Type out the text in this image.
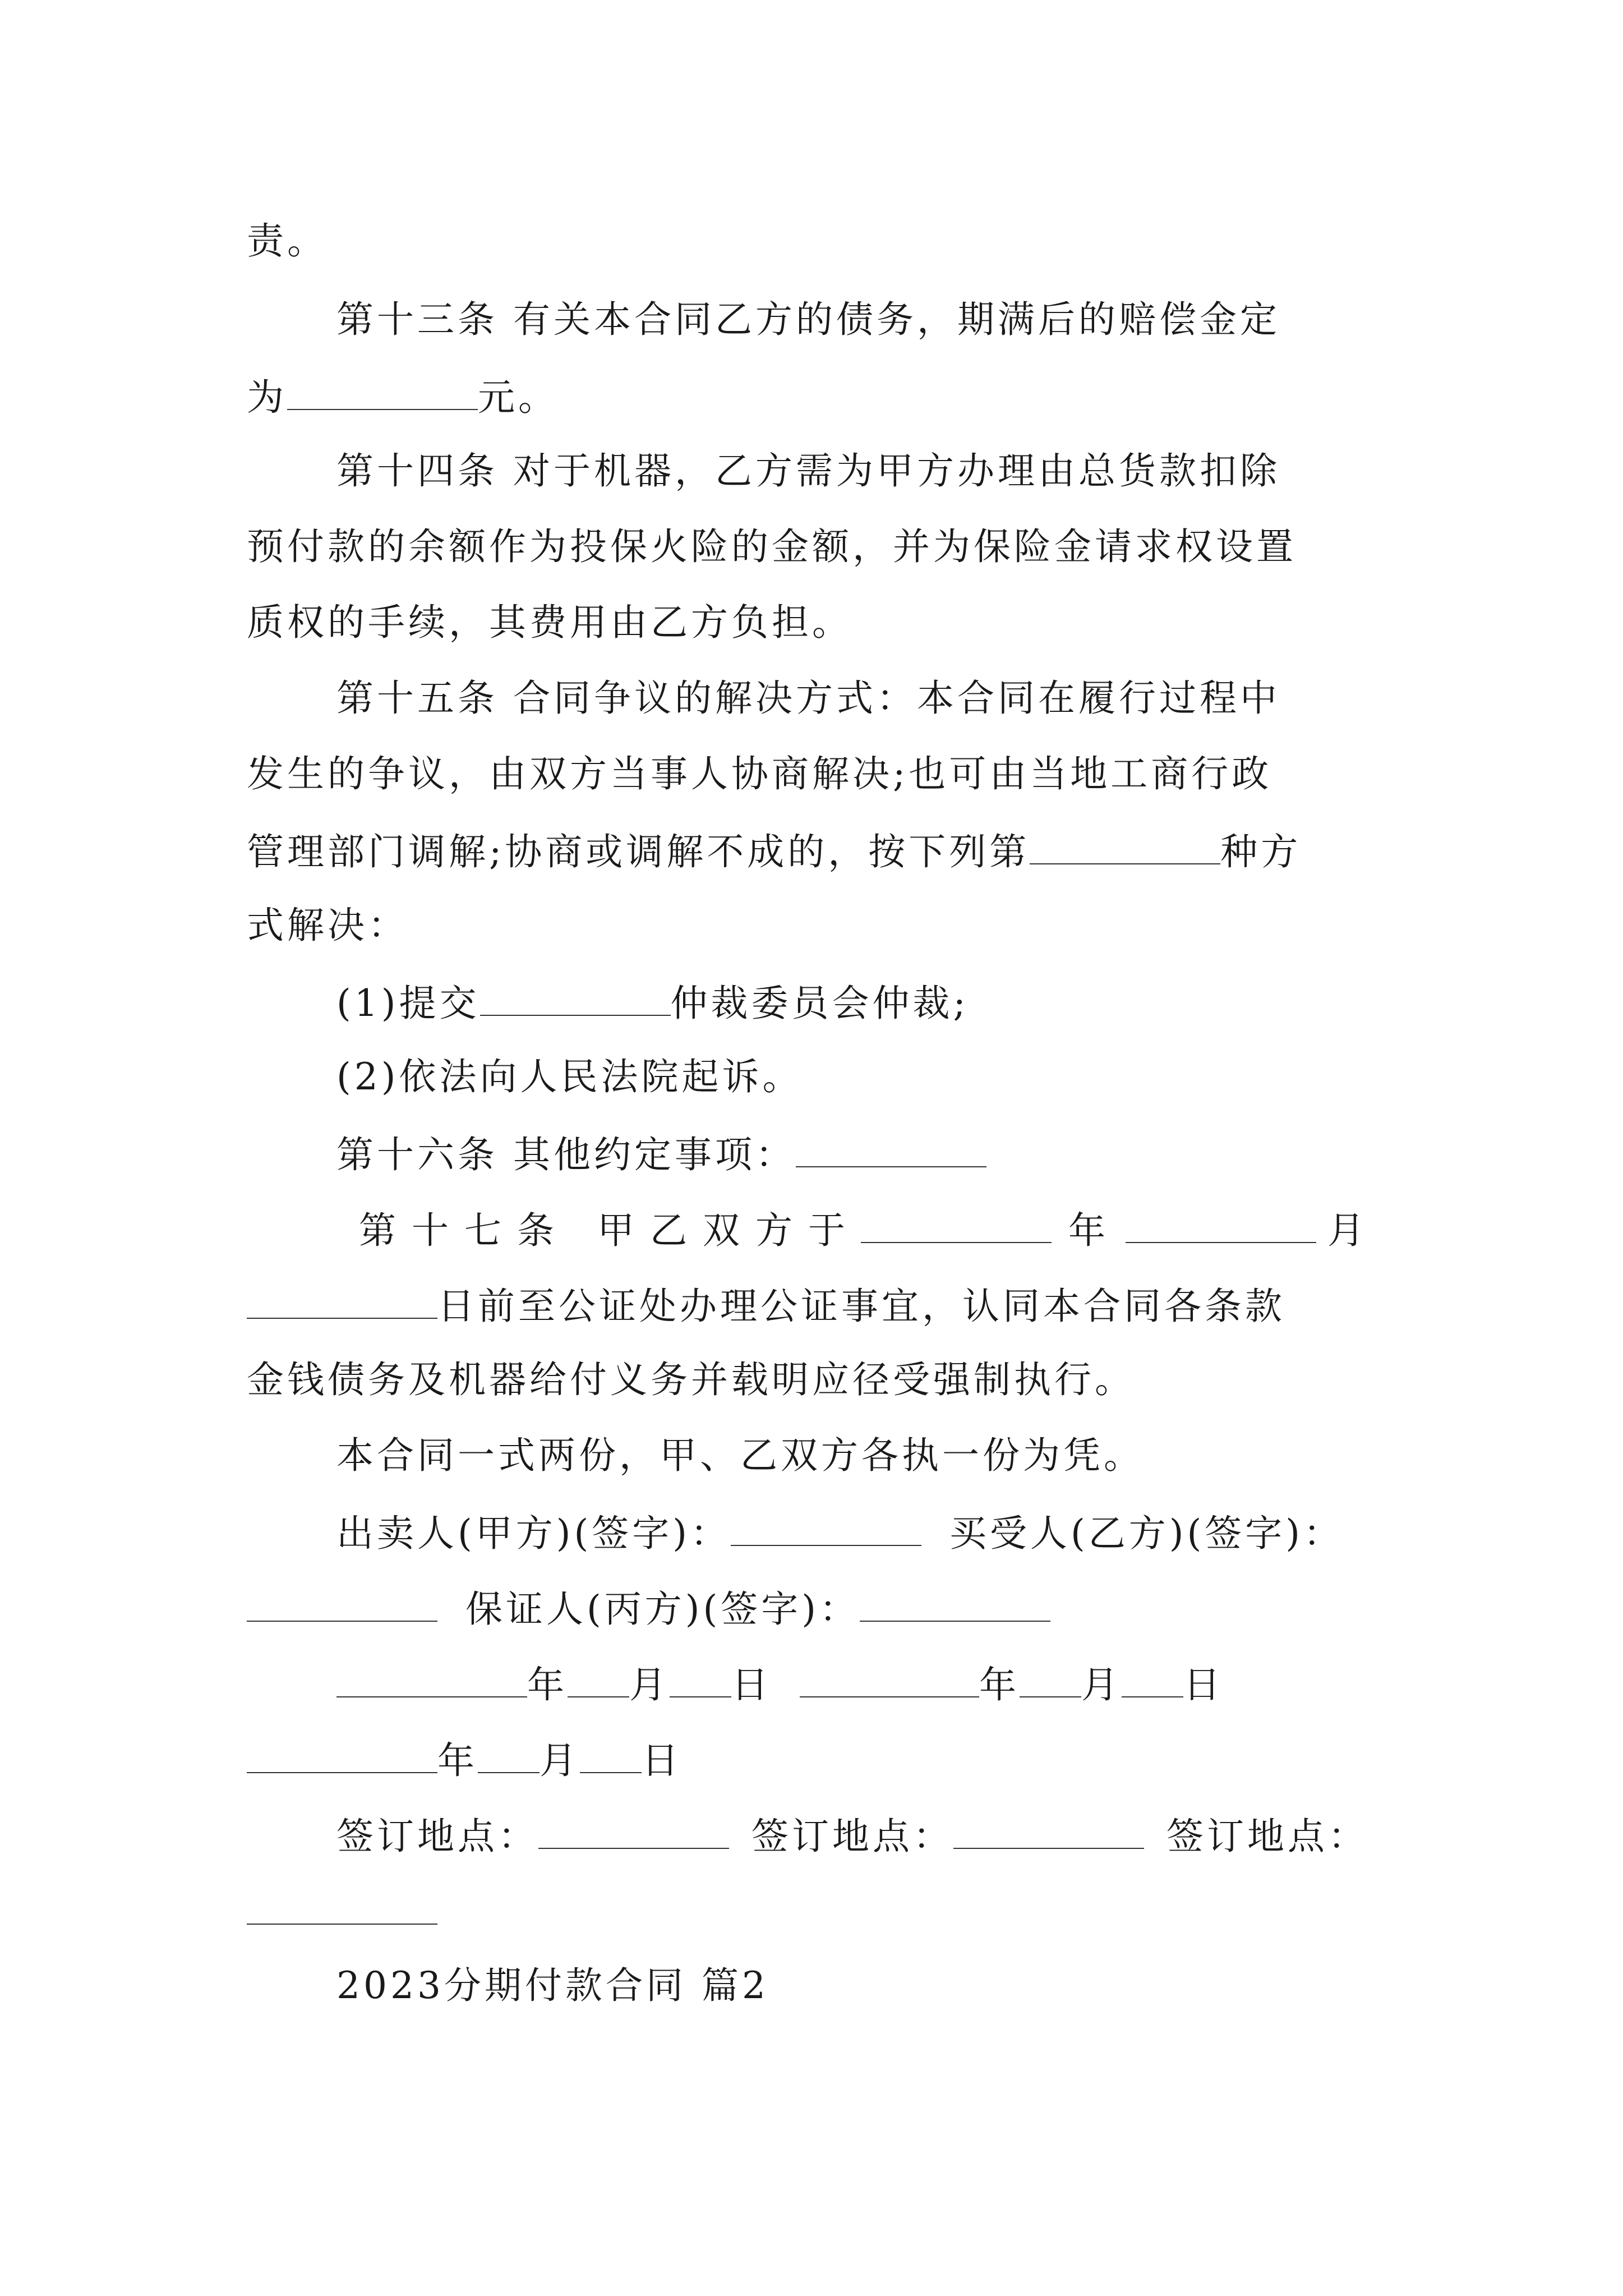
责。
第十三条 有关本合同乙方的债务，期满后的赔偿金定
为	元。
第十四条 对于机器，乙方需为甲方办理由总货款扣除
预付款的余额作为投保火险的金额，并为保险金请求权设置
质权的手续，其费用由乙方负担。
第十五条 合同争议的解决方式：本合同在履行过程中
发生的争议，由双方当事人协商解决;也可由当地工商行政
管理部门调解;协商或调解不成的，按下列第	种方
式解决：
(1)提交	仲裁委员会仲裁;
(2)依法向人民法院起诉。
第十六条 其他约定事项：
第十七条 甲乙双方于	年	月
日前至公证处办理公证事宜，认同本合同各条款
金钱债务及机器给付义务并载明应径受强制执行。
本合同一式两份，甲、乙双方各执一份为凭。
出卖人(甲方)(签字)：	买受人(乙方)(签字)：
保证人(丙方)(签字)：
年 月 日	年 月 日
年 月 日
签订地点：	签订地点：	签订地点：
2023分期付款合同 篇2
